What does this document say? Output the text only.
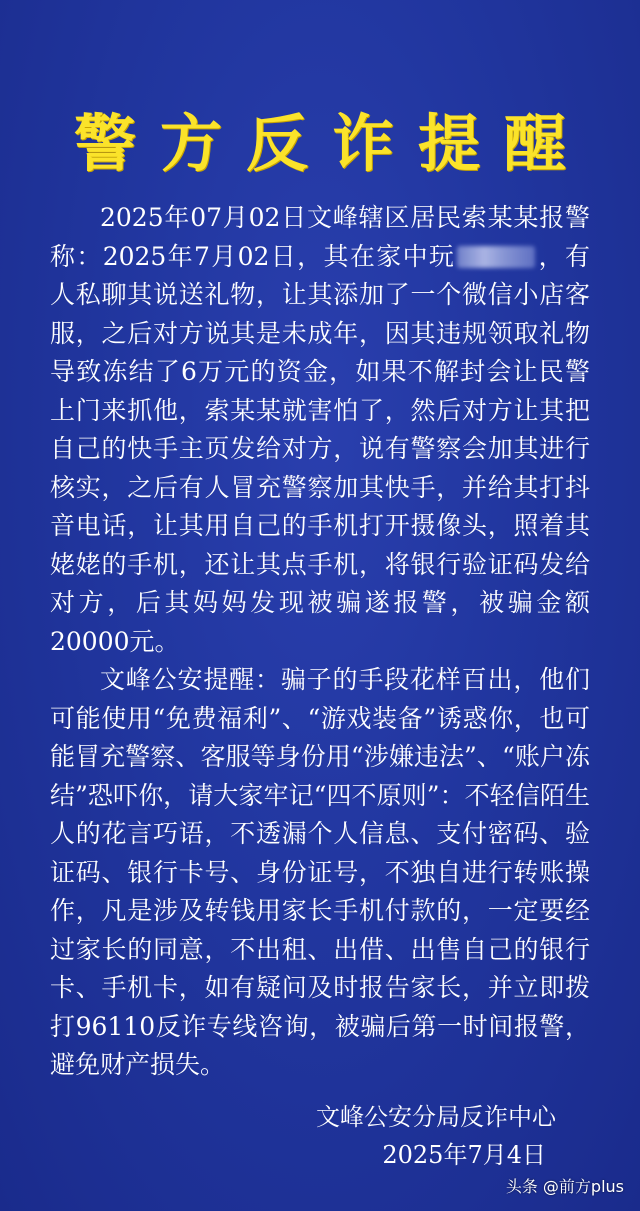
警方反诈提醒

2025年07月02日文峰辖区居民索某某报警称：2025年7月02日，其在家中玩	，有人私聊其说送礼物，让其添加了一个微信小店客服，之后对方说其是未成年，因其违规领取礼物导致冻结了6万元的资金，如果不解封会让民警上门来抓他，索某某就害怕了，然后对方让其把自己的快手主页发给对方，说有警察会加其进行核实，之后有人冒充警察加其快手，并给其打抖音电话，让其用自己的手机打开摄像头，照着其姥姥的手机，还让其点手机，将银行验证码发给对方，后其妈妈发现被骗遂报警，被骗金额20000元。

文峰公安提醒：骗子的手段花样百出，他们可能使用“免费福利”、“游戏装备”诱惑你，也可能冒充警察、客服等身份用“涉嫌违法”、“账户冻结”恐吓你，请大家牢记“四不原则”：不轻信陌生人的花言巧语，不透漏个人信息、支付密码、验证码、银行卡号、身份证号，不独自进行转账操作，凡是涉及转钱用家长手机付款的，一定要经过家长的同意，不出租、出借、出售自己的银行卡、手机卡，如有疑问及时报告家长，并立即拨打96110反诈专线咨询，被骗后第一时间报警，避免财产损失。

文峰公安分局反诈中心
2025年7月4日
头条 @前方plus
